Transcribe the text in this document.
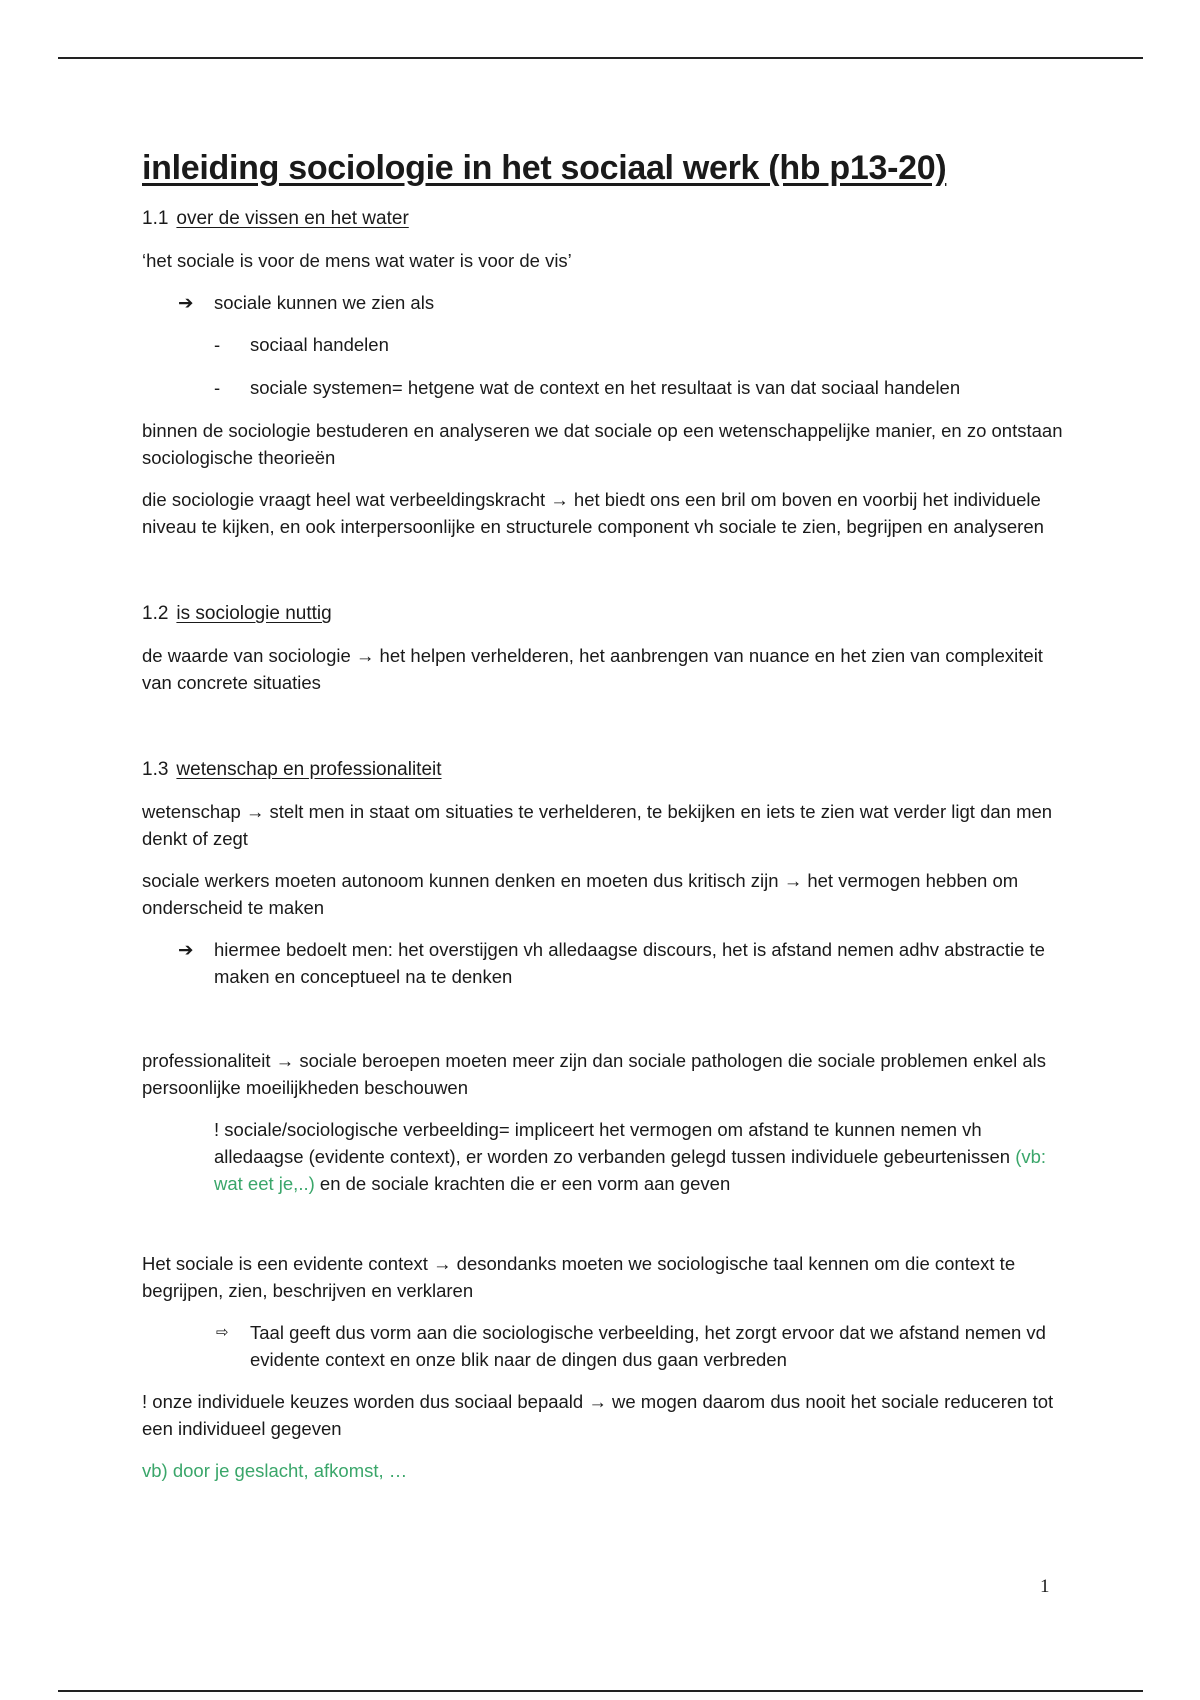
inleiding sociologie in het sociaal werk (hb p13-20)
1.1 over de vissen en het water
‘het sociale is voor de mens wat water is voor de vis’
➔ sociale kunnen we zien als
- sociaal handelen
- sociale systemen= hetgene wat de context en het resultaat is van dat sociaal handelen
binnen de sociologie bestuderen en analyseren we dat sociale op een wetenschappelijke manier, en zo ontstaan sociologische theorieën
die sociologie vraagt heel wat verbeeldingskracht → het biedt ons een bril om boven en voorbij het individuele niveau te kijken, en ook interpersoonlijke en structurele component vh sociale te zien, begrijpen en analyseren
1.2 is sociologie nuttig
de waarde van sociologie → het helpen verhelderen, het aanbrengen van nuance en het zien van complexiteit van concrete situaties
1.3 wetenschap en professionaliteit
wetenschap → stelt men in staat om situaties te verhelderen, te bekijken en iets te zien wat verder ligt dan men denkt of zegt
sociale werkers moeten autonoom kunnen denken en moeten dus kritisch zijn → het vermogen hebben om onderscheid te maken
➔ hiermee bedoelt men: het overstijgen vh alledaagse discours, het is afstand nemen adhv abstractie te maken en conceptueel na te denken
professionaliteit → sociale beroepen moeten meer zijn dan sociale pathologen die sociale problemen enkel als persoonlijke moeilijkheden beschouwen
! sociale/sociologische verbeelding= impliceert het vermogen om afstand te kunnen nemen vh alledaagse (evidente context), er worden zo verbanden gelegd tussen individuele gebeurtenissen (vb: wat eet je,..) en de sociale krachten die er een vorm aan geven
Het sociale is een evidente context → desondanks moeten we sociologische taal kennen om die context te begrijpen, zien, beschrijven en verklaren
⇨ Taal geeft dus vorm aan die sociologische verbeelding, het zorgt ervoor dat we afstand nemen vd evidente context en onze blik naar de dingen dus gaan verbreden
! onze individuele keuzes worden dus sociaal bepaald → we mogen daarom dus nooit het sociale reduceren tot een individueel gegeven
vb) door je geslacht, afkomst, …
1
